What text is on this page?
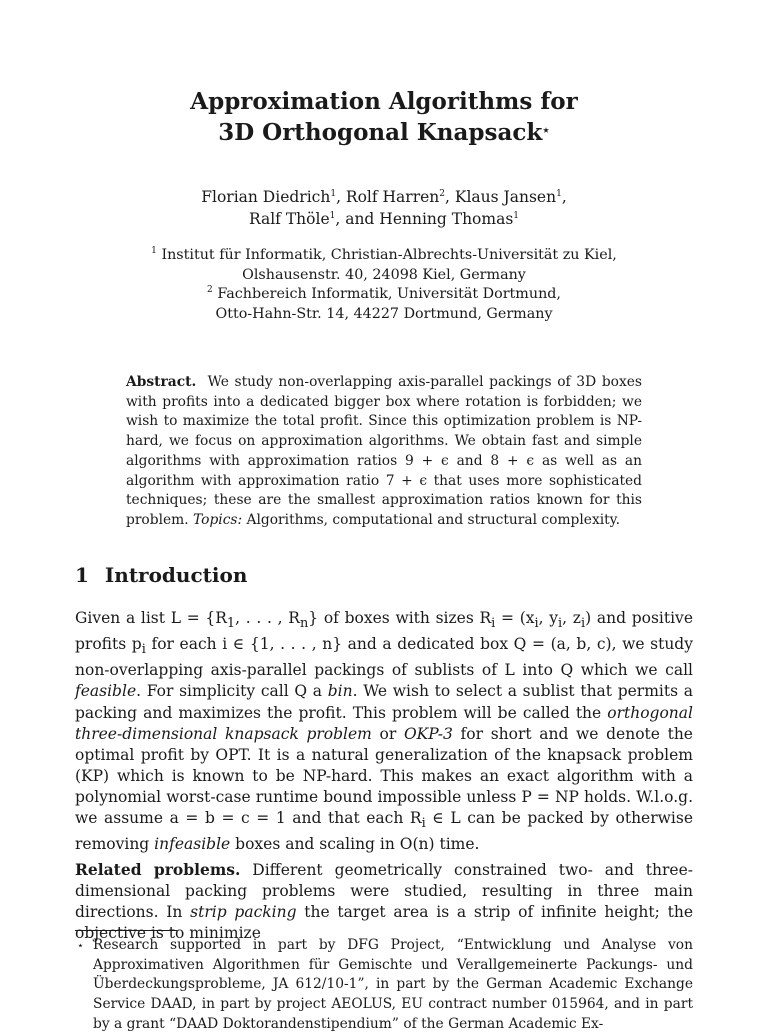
Approximation Algorithms for
3D Orthogonal Knapsack⋆
Florian Diedrich$^1$, Rolf Harren$^2$, Klaus Jansen$^1$,
Ralf Thöle$^1$, and Henning Thomas$^1$
$^1$ Institut für Informatik, Christian-Albrechts-Universität zu Kiel,
Olshausenstr. 40, 24098 Kiel, Germany
$^2$ Fachbereich Informatik, Universität Dortmund,
Otto-Hahn-Str. 14, 44227 Dortmund, Germany
Abstract. We study non-overlapping axis-parallel packings of 3D boxes with profits into a dedicated bigger box where rotation is forbidden; we wish to maximize the total profit. Since this optimization problem is NP-hard, we focus on approximation algorithms. We obtain fast and simple algorithms with approximation ratios 9 + ϵ and 8 + ϵ as well as an algorithm with approximation ratio 7 + ϵ that uses more sophisticated techniques; these are the smallest approximation ratios known for this problem. Topics: Algorithms, computational and structural complexity.
1 Introduction
Given a list $L = \{R_1$, . . . , $R_n$} of boxes with sizes $R_i = (x_i$, $y_i$, $z_i$) and positive profits $p_i$ for each i ∈ {1, . . . , n} and a dedicated box Q = (a, b, c), we study non-overlapping axis-parallel packings of sublists of L into Q which we call feasible. For simplicity call Q a bin. We wish to select a sublist that permits a packing and maximizes the profit. This problem will be called the orthogonal three-dimensional knapsack problem or OKP-3 for short and we denote the optimal profit by OPT. It is a natural generalization of the knapsack problem (KP) which is known to be NP-hard. This makes an exact algorithm with a polynomial worst-case runtime bound impossible unless P = NP holds. W.l.o.g. we assume a = b = c = 1 and that each $R_i$ ∈ L can be packed by otherwise removing infeasible boxes and scaling in O(n) time.
Related problems. Different geometrically constrained two- and three-dimensional packing problems were studied, resulting in three main directions. In strip packing the target area is a strip of infinite height; the objective is to minimize
⋆ Research supported in part by DFG Project, “Entwicklung und Analyse von Approximativen Algorithmen für Gemischte und Verallgemeinerte Packungs- und Überdeckungsprobleme, JA 612/10-1”, in part by the German Academic Exchange Service DAAD, in part by project AEOLUS, EU contract number 015964, and in part by a grant “DAAD Doktorandenstipendium” of the German Academic Ex-
